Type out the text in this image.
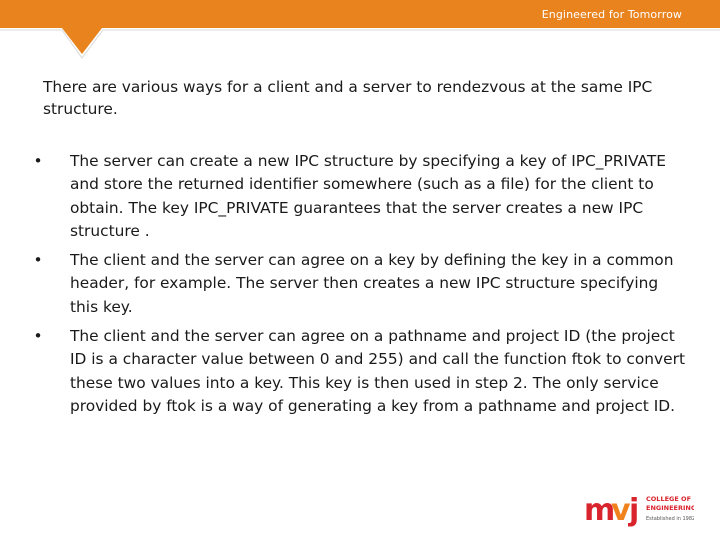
Engineered for Tomorrow

There are various ways for a client and a server to rendezvous at the same IPC structure.

•	The server can create a new IPC structure by specifying a key of IPC_PRIVATE and store the returned identifier somewhere (such as a file) for the client to obtain. The key IPC_PRIVATE guarantees that the server creates a new IPC structure .
•	The client and the server can agree on a key by defining the key in a common header, for example. The server then creates a new IPC structure specifying this key.
•	The client and the server can agree on a pathname and project ID (the project ID is a character value between 0 and 255) and call the function ftok to convert these two values into a key. This key is then used in step 2. The only service provided by ftok is a way of generating a key from a pathname and project ID.
m
v
j COLLEGE OF
ENGINEERING
Established in 1982
